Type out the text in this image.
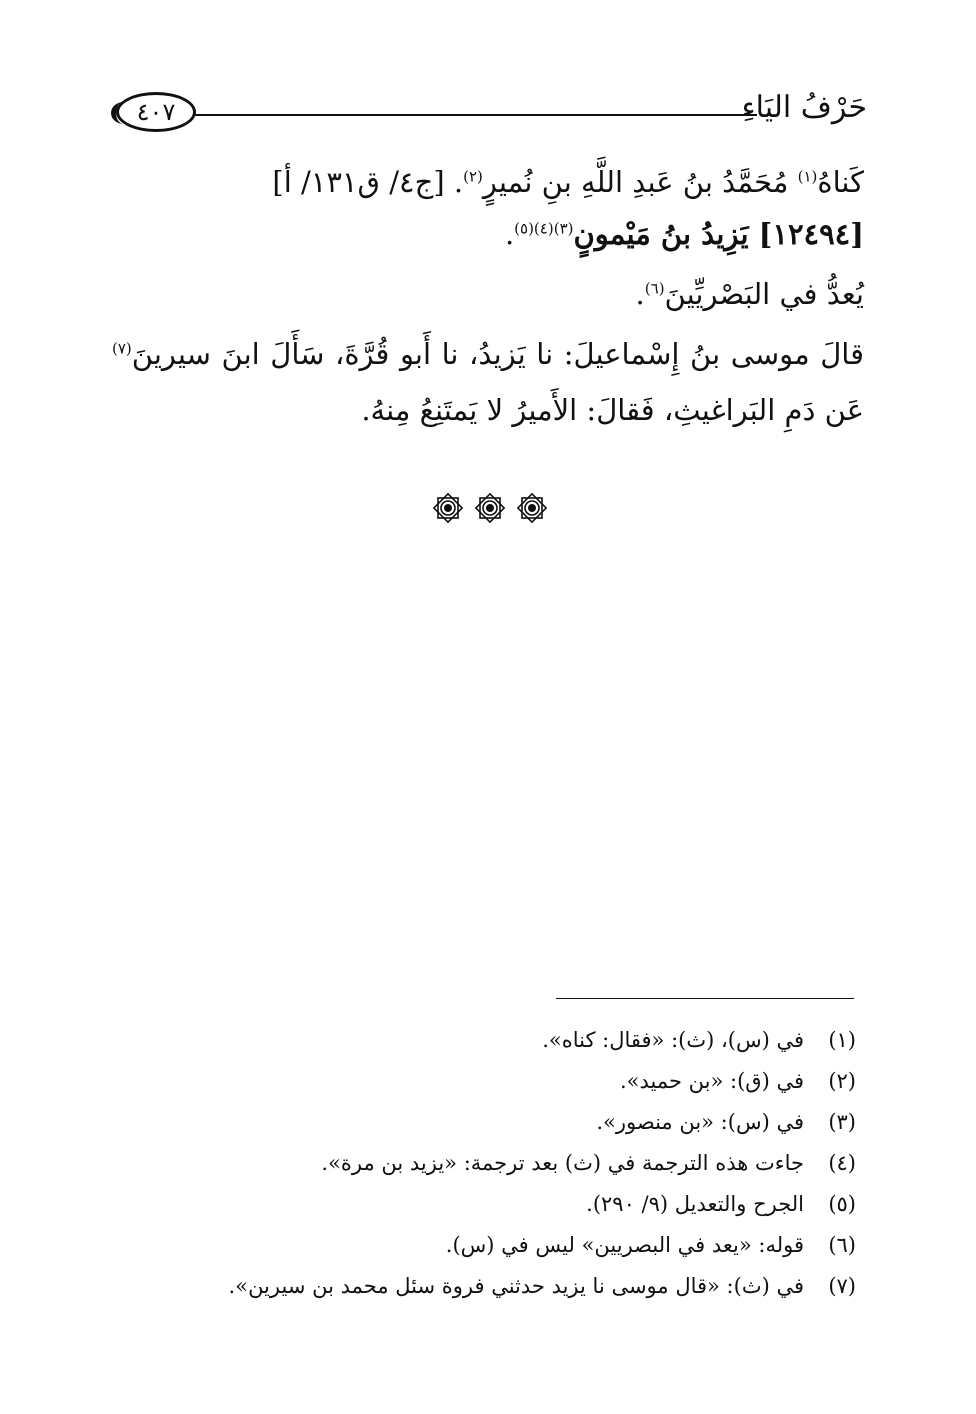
حَرْفُ اليَاءِ
٤٠٧
كَناهُ$^{(١)}$ مُحَمَّدُ بنُ عَبدِ اللَّهِ بنِ نُميرٍ$^{(٢)}$. [ج٤/ ق١٣١/ أ]
[١٢٤٩٤] يَزِيدُ بنُ مَيْمونٍ$^{(٣)(٤)(٥)}$.
يُعدُّ في البَصْريِّينَ$^{(٦)}$.
قالَ موسى بنُ إِسْماعيلَ: نا يَزيدُ، نا أَبو قُرَّةَ، سَأَلَ ابنَ سيرينَ$^{(٧)}$ عَن دَمِ البَراغيثِ، فَقالَ: الأَميرُ لا يَمتَنِعُ مِنهُ.
(١)في (س)، (ث): «فقال: كناه».
(٢)في (ق): «بن حميد».
(٣)في (س): «بن منصور».
(٤)جاءت هذه الترجمة في (ث) بعد ترجمة: «يزيد بن مرة».
(٥)الجرح والتعديل (٩/ ٢٩٠).
(٦)قوله: «يعد في البصريين» ليس في (س).
(٧)في (ث): «قال موسى نا يزيد حدثني فروة سئل محمد بن سيرين».
